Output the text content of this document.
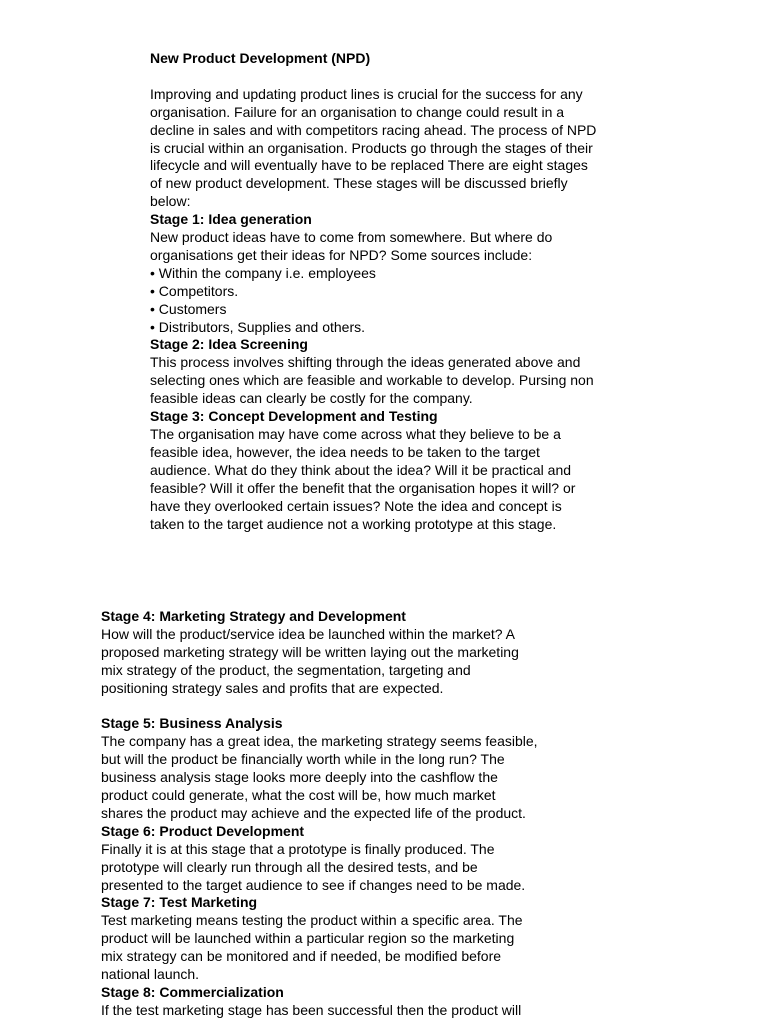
New Product Development (NPD)
Improving and updating product lines is crucial for the success for any
organisation. Failure for an organisation to change could result in a
decline in sales and with competitors racing ahead. The process of NPD
is crucial within an organisation. Products go through the stages of their
lifecycle and will eventually have to be replaced There are eight stages
of new product development. These stages will be discussed briefly
below:
Stage 1: Idea generation
New product ideas have to come from somewhere. But where do
organisations get their ideas for NPD? Some sources include:
• Within the company i.e. employees
• Competitors.
• Customers
• Distributors, Supplies and others.
Stage 2: Idea Screening
This process involves shifting through the ideas generated above and
selecting ones which are feasible and workable to develop. Pursing non
feasible ideas can clearly be costly for the company.
Stage 3: Concept Development and Testing
The organisation may have come across what they believe to be a
feasible idea, however, the idea needs to be taken to the target
audience. What do they think about the idea? Will it be practical and
feasible? Will it offer the benefit that the organisation hopes it will? or
have they overlooked certain issues? Note the idea and concept is
taken to the target audience not a working prototype at this stage.
Stage 4: Marketing Strategy and Development
How will the product/service idea be launched within the market? A
proposed marketing strategy will be written laying out the marketing
mix strategy of the product, the segmentation, targeting and
positioning strategy sales and profits that are expected.
Stage 5: Business Analysis
The company has a great idea, the marketing strategy seems feasible,
but will the product be financially worth while in the long run? The
business analysis stage looks more deeply into the cashflow the
product could generate, what the cost will be, how much market
shares the product may achieve and the expected life of the product.
Stage 6: Product Development
Finally it is at this stage that a prototype is finally produced. The
prototype will clearly run through all the desired tests, and be
presented to the target audience to see if changes need to be made.
Stage 7: Test Marketing
Test marketing means testing the product within a specific area. The
product will be launched within a particular region so the marketing
mix strategy can be monitored and if needed, be modified before
national launch.
Stage 8: Commercialization
If the test marketing stage has been successful then the product will
